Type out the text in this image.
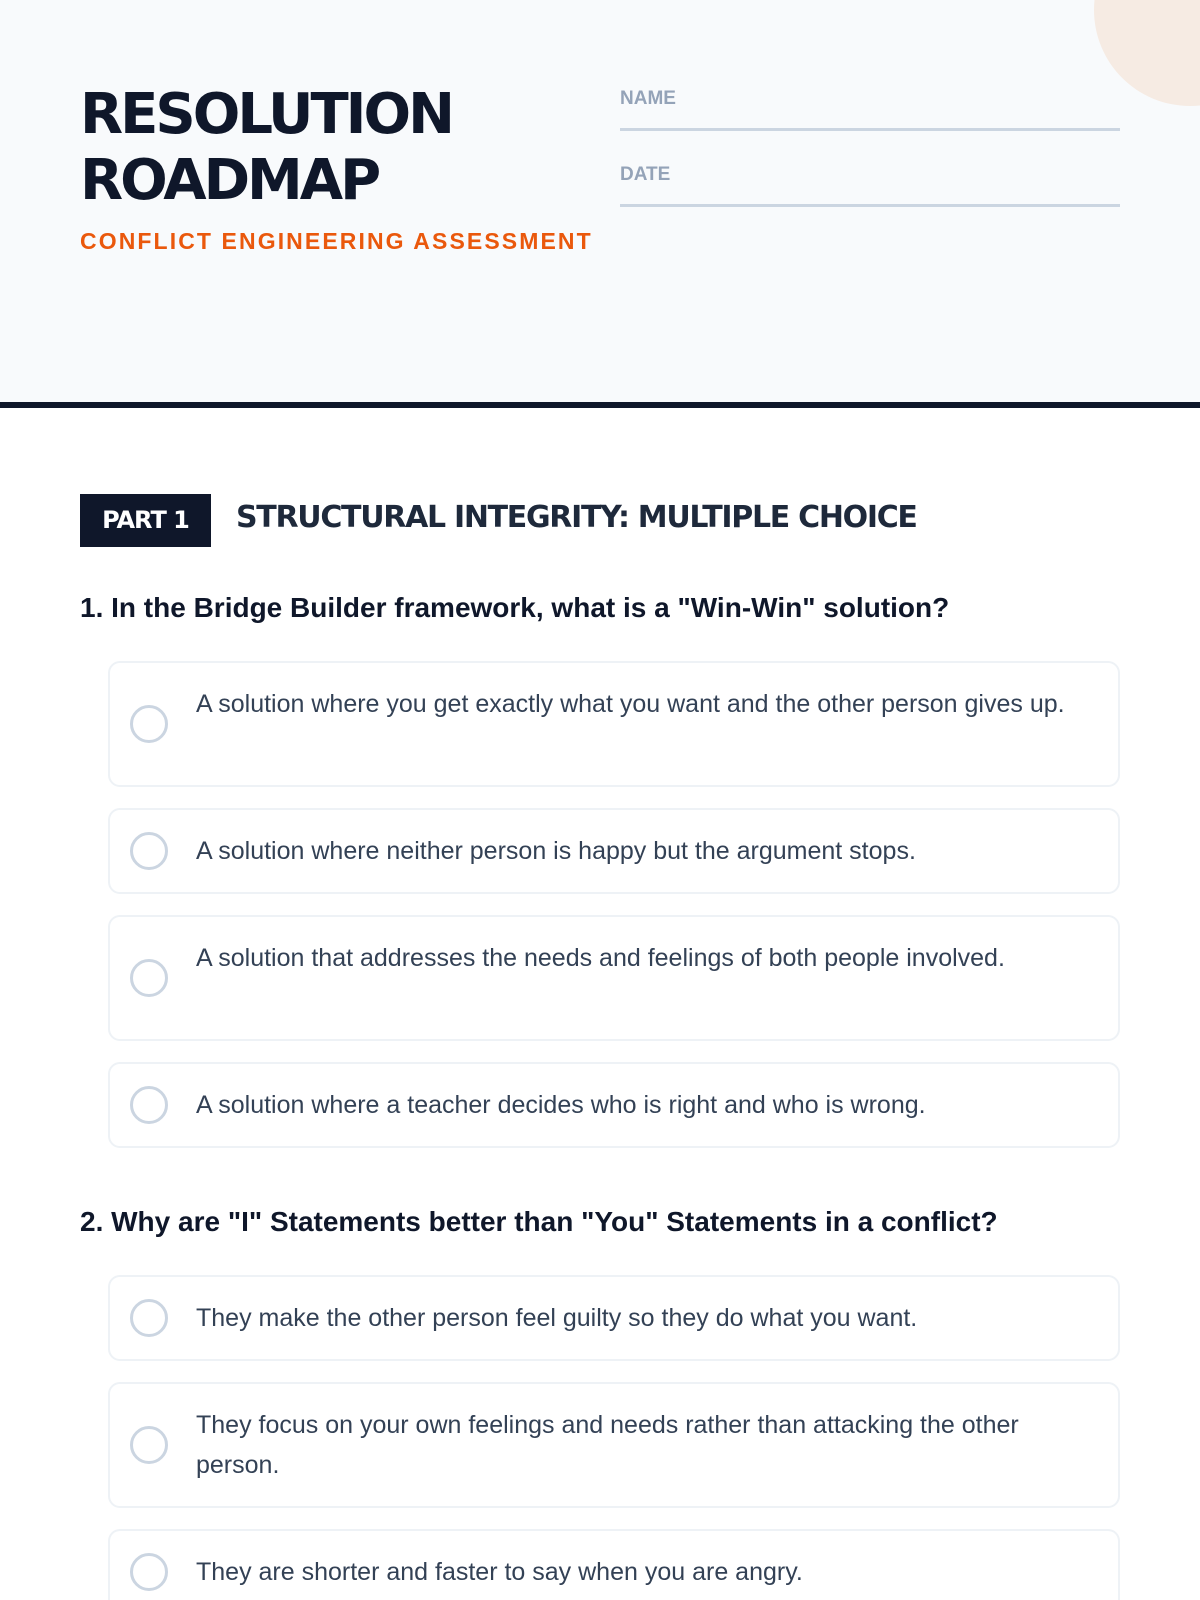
RESOLUTION
ROADMAP
CONFLICT ENGINEERING ASSESSMENT
NAME
DATE
PART 1	STRUCTURAL INTEGRITY: MULTIPLE CHOICE
1. In the Bridge Builder framework, what is a "Win-Win" solution?
A solution where you get exactly what you want and the other person gives up.
A solution where neither person is happy but the argument stops.
A solution that addresses the needs and feelings of both people involved.
A solution where a teacher decides who is right and who is wrong.
2. Why are "I" Statements better than "You" Statements in a conflict?
They make the other person feel guilty so they do what you want.
They focus on your own feelings and needs rather than attacking the other person.
They are shorter and faster to say when you are angry.
